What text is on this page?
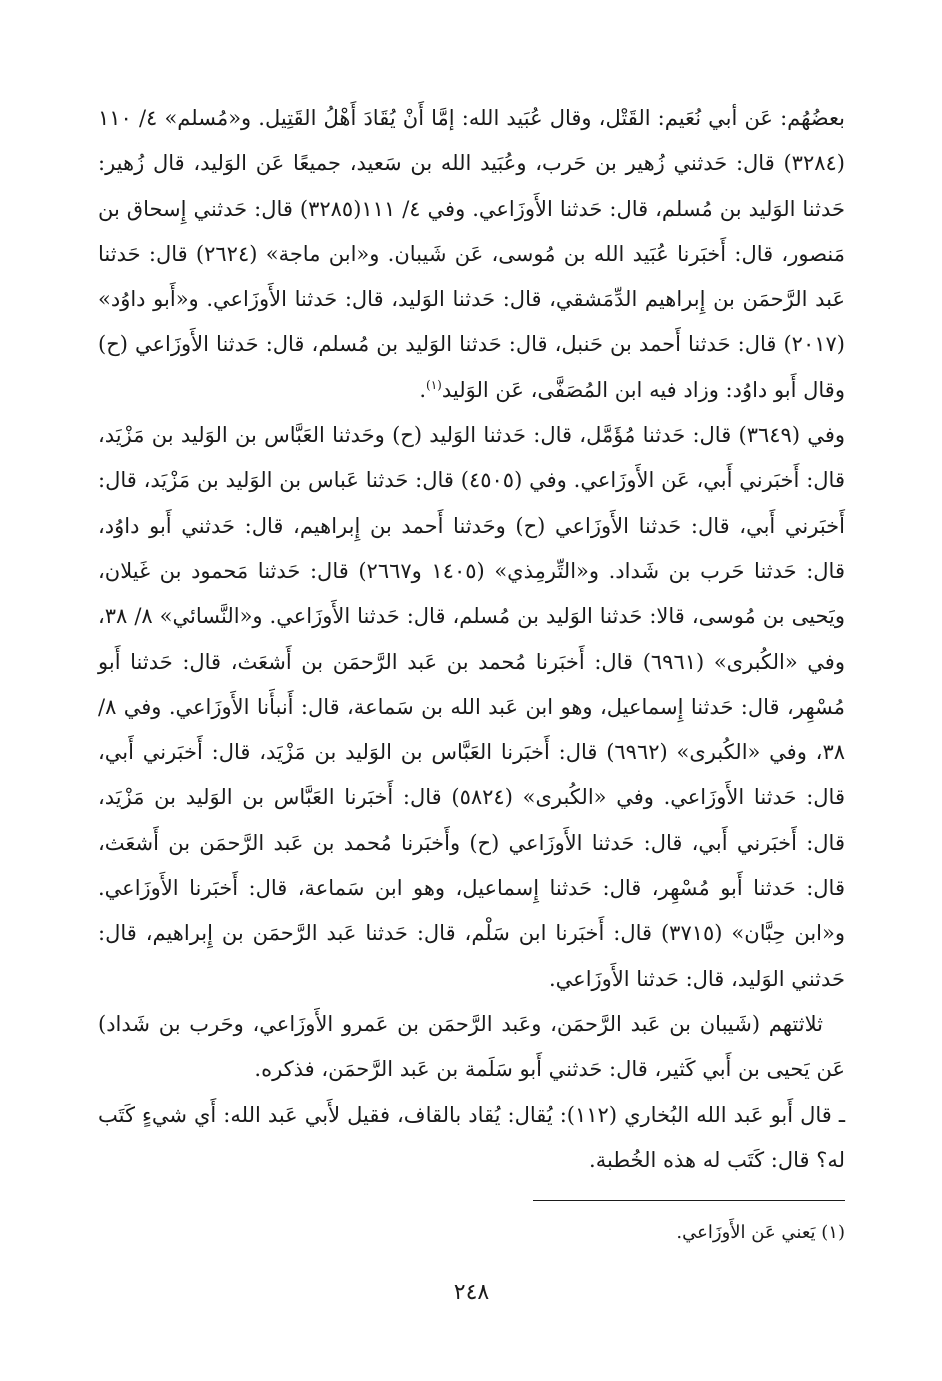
بعضُهُم: عَن أبي نُعَيم: القَتْل، وقال عُبَيد الله: إمَّا أَنْ يُقَادَ أَهْلُ القَتِيل. و«مُسلم» ٤/ ١١٠ (٣٢٨٤) قال: حَدثني زُهير بن حَرب، وعُبَيد الله بن سَعيد، جميعًا عَن الوَليد، قال زُهير: حَدثنا الوَليد بن مُسلم، قال: حَدثنا الأَوزَاعي. وفي ٤/ ١١١(٣٢٨٥) قال: حَدثني إِسحاق بن مَنصور، قال: أَخبَرنا عُبَيد الله بن مُوسى، عَن شَيبان. و«ابن ماجة» (٢٦٢٤) قال: حَدثنا عَبد الرَّحمَن بن إِبراهيم الدِّمَشقي، قال: حَدثنا الوَليد، قال: حَدثنا الأَوزَاعي. و«أَبو داوُد» (٢٠١٧) قال: حَدثنا أَحمد بن حَنبل، قال: حَدثنا الوَليد بن مُسلم، قال: حَدثنا الأَوزَاعي (ح) وقال أَبو داوُد: وزاد فيه ابن المُصَفَّى، عَن الوَليد$^{(١)}$.

وفي (٣٦٤٩) قال: حَدثنا مُؤَمَّل، قال: حَدثنا الوَليد (ح) وحَدثنا العَبَّاس بن الوَليد بن مَزْيَد، قال: أَخبَرني أَبي، عَن الأَوزَاعي. وفي (٤٥٠٥) قال: حَدثنا عَباس بن الوَليد بن مَزْيَد، قال: أَخبَرني أَبي، قال: حَدثنا الأَوزَاعي (ح) وحَدثنا أَحمد بن إِبراهيم، قال: حَدثني أَبو داوُد، قال: حَدثنا حَرب بن شَداد. و«التِّرمِذي» (١٤٠٥ و٢٦٦٧) قال: حَدثنا مَحمود بن غَيلان، ويَحيى بن مُوسى، قالا: حَدثنا الوَليد بن مُسلم، قال: حَدثنا الأَوزَاعي. و«النَّسائي» ٨/ ٣٨، وفي «الكُبرى» (٦٩٦١) قال: أَخبَرنا مُحمد بن عَبد الرَّحمَن بن أَشعَث، قال: حَدثنا أَبو مُسْهِر، قال: حَدثنا إِسماعيل، وهو ابن عَبد الله بن سَماعة، قال: أَنبأَنا الأَوزَاعي. وفي ٨/ ٣٨، وفي «الكُبرى» (٦٩٦٢) قال: أَخبَرنا العَبَّاس بن الوَليد بن مَزْيَد، قال: أَخبَرني أَبي، قال: حَدثنا الأَوزَاعي. وفي «الكُبرى» (٥٨٢٤) قال: أَخبَرنا العَبَّاس بن الوَليد بن مَزْيَد، قال: أَخبَرني أَبي، قال: حَدثنا الأَوزَاعي (ح) وأَخبَرنا مُحمد بن عَبد الرَّحمَن بن أَشعَث، قال: حَدثنا أَبو مُسْهِر، قال: حَدثنا إِسماعيل، وهو ابن سَماعة، قال: أَخبَرنا الأَوزَاعي. و«ابن حِبَّان» (٣٧١٥) قال: أَخبَرنا ابن سَلْم، قال: حَدثنا عَبد الرَّحمَن بن إِبراهيم، قال: حَدثني الوَليد، قال: حَدثنا الأَوزَاعي.

ثلاثتهم (شَيبان بن عَبد الرَّحمَن، وعَبد الرَّحمَن بن عَمرو الأَوزَاعي، وحَرب بن شَداد) عَن يَحيى بن أَبي كَثير، قال: حَدثني أَبو سَلَمة بن عَبد الرَّحمَن، فذكره.

ـ قال أَبو عَبد الله البُخاري (١١٢): يُقال: يُقاد بالقاف، فقيل لأَبي عَبد الله: أَي شيءٍ كَتَب له؟ قال: كَتَب له هذه الخُطبة.

(١) يَعني عَن الأَوزَاعي.

٢٤٨
